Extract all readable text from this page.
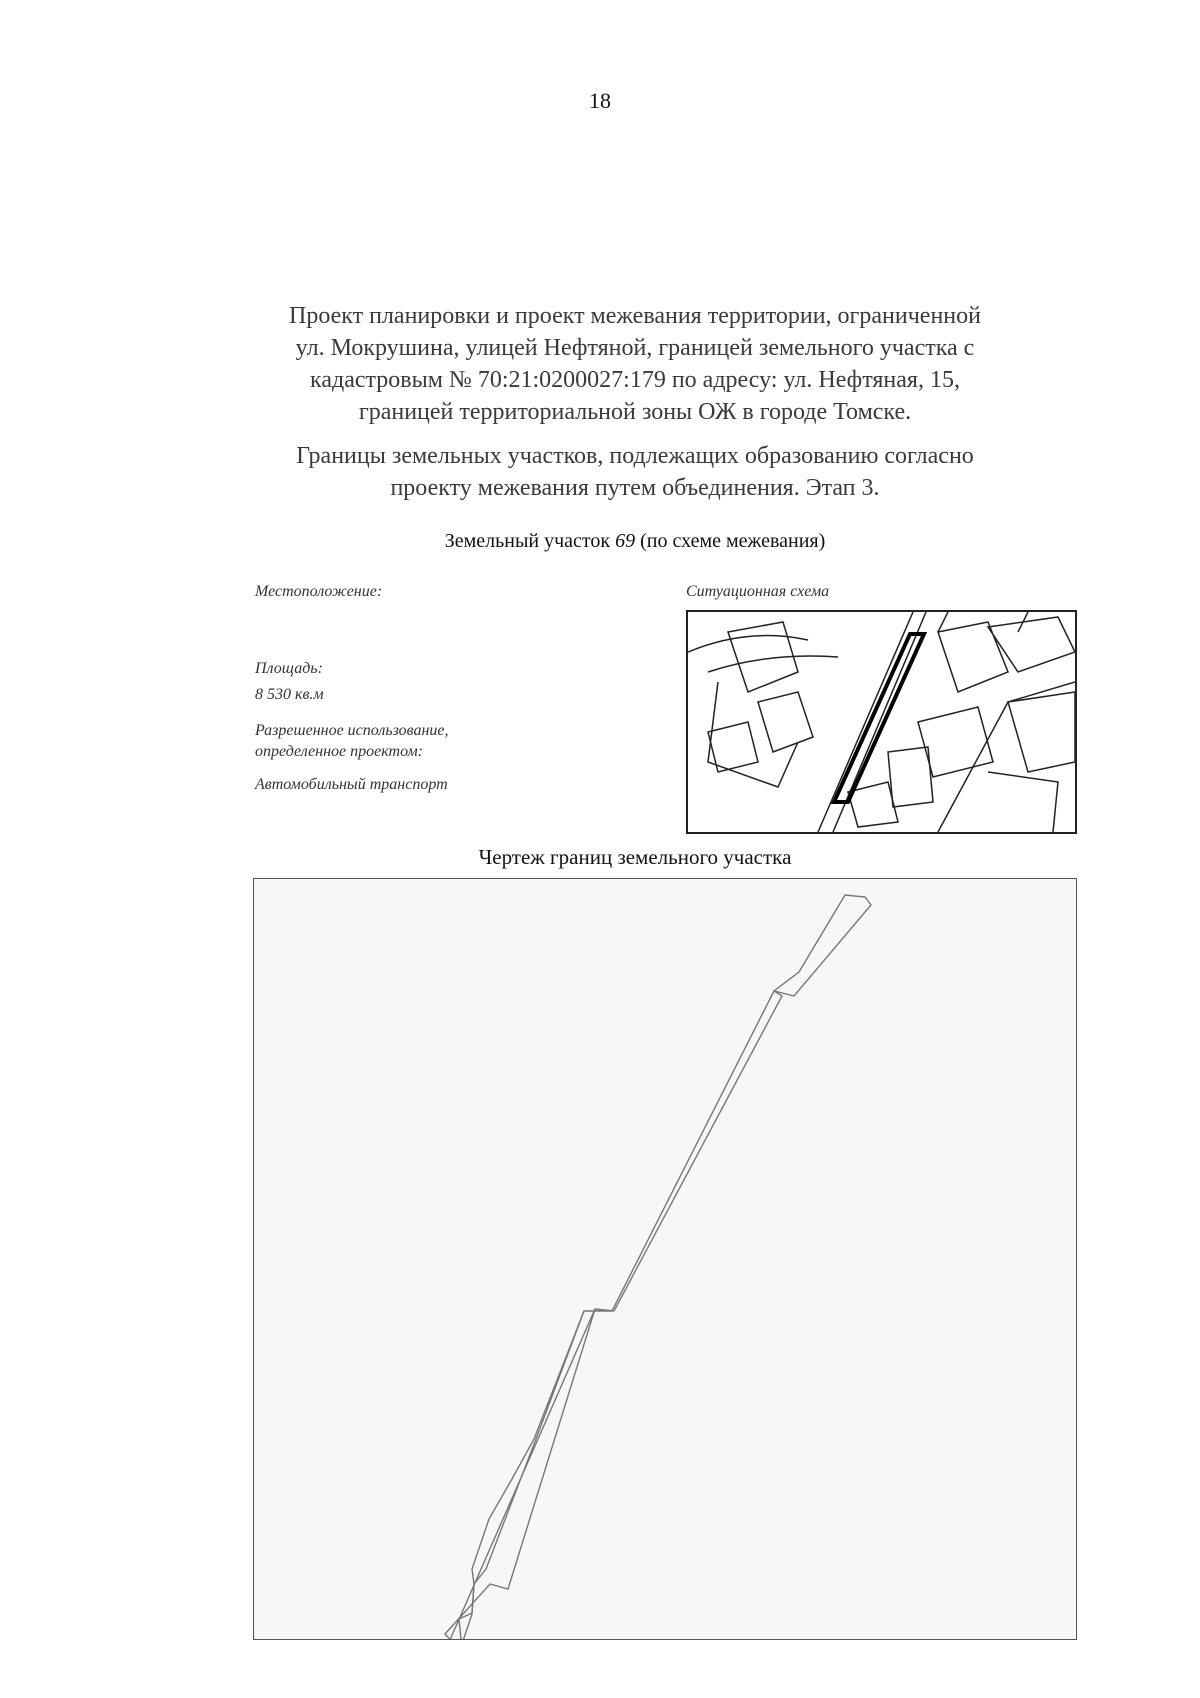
18
Проект планировки и проект межевания территории, ограниченной
ул. Мокрушина, улицей Нефтяной, границей земельного участка с
кадастровым № 70:21:0200027:179 по адресу: ул. Нефтяная, 15,
границей территориальной зоны ОЖ в городе Томске.
Границы земельных участков, подлежащих образованию согласно
проекту межевания путем объединения. Этап 3.
Земельный участок 69 (по схеме межевания)
Местоположение:
Площадь:
8 530 кв.м
Разрешенное использование,
определенное проектом:
Автомобильный транспорт
Ситуационная схема
Чертеж границ земельного участка
